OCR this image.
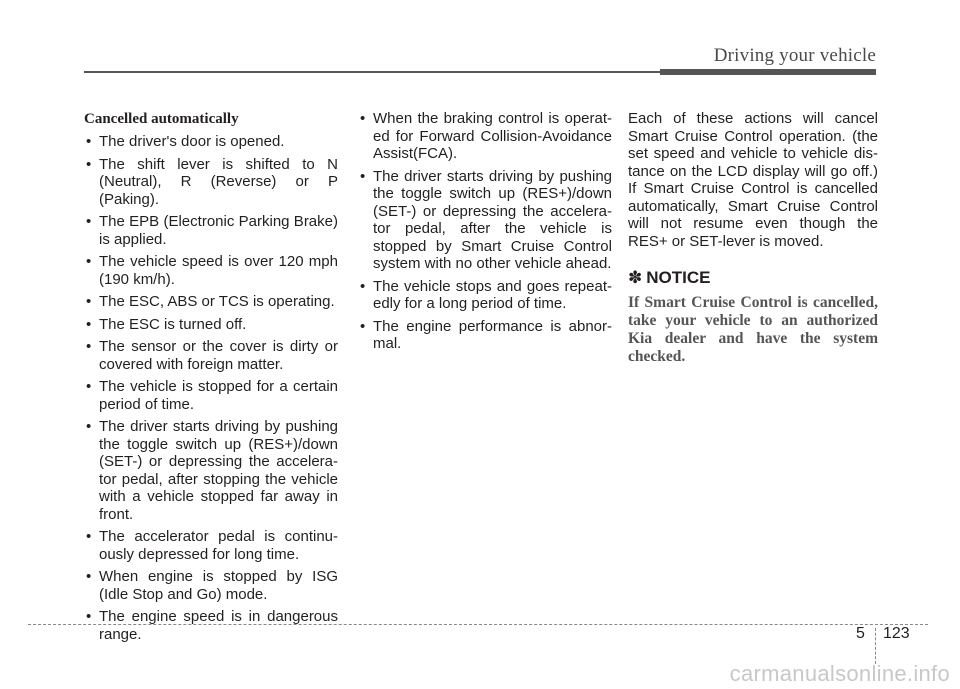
Driving your vehicle
Cancelled automatically
• The driver's door is opened.
• The shift lever is shifted to N (Neutral), R (Reverse) or P (Paking).
• The EPB (Electronic Parking Brake) is applied.
• The vehicle speed is over 120 mph (190 km/h).
• The ESC, ABS or TCS is operating.
• The ESC is turned off.
• The sensor or the cover is dirty or covered with foreign matter.
• The vehicle is stopped for a certain period of time.
• The driver starts driving by pushing the toggle switch up (RES+)/down (SET-) or depressing the accelera-tor pedal, after stopping the vehicle with a vehicle stopped far away in front.
• The accelerator pedal is continu-ously depressed for long time.
• When engine is stopped by ISG (Idle Stop and Go) mode.
• The engine speed is in dangerous range.
• When the braking control is operat-ed for Forward Collision-Avoidance Assist(FCA).
• The driver starts driving by pushing the toggle switch up (RES+)/down (SET-) or depressing the accelera-tor pedal, after the vehicle is stopped by Smart Cruise Control system with no other vehicle ahead.
• The vehicle stops and goes repeat-edly for a long period of time.
• The engine performance is abnor-mal.

Each of these actions will cancel Smart Cruise Control operation. (the set speed and vehicle to vehicle dis-tance on the LCD display will go off.) If Smart Cruise Control is cancelled automatically, Smart Cruise Control will not resume even though the RES+ or SET-lever is moved.

✽ NOTICE

If Smart Cruise Control is cancelled, take your vehicle to an authorized Kia dealer and have the system checked.

5 123
carmanualsonline.info
